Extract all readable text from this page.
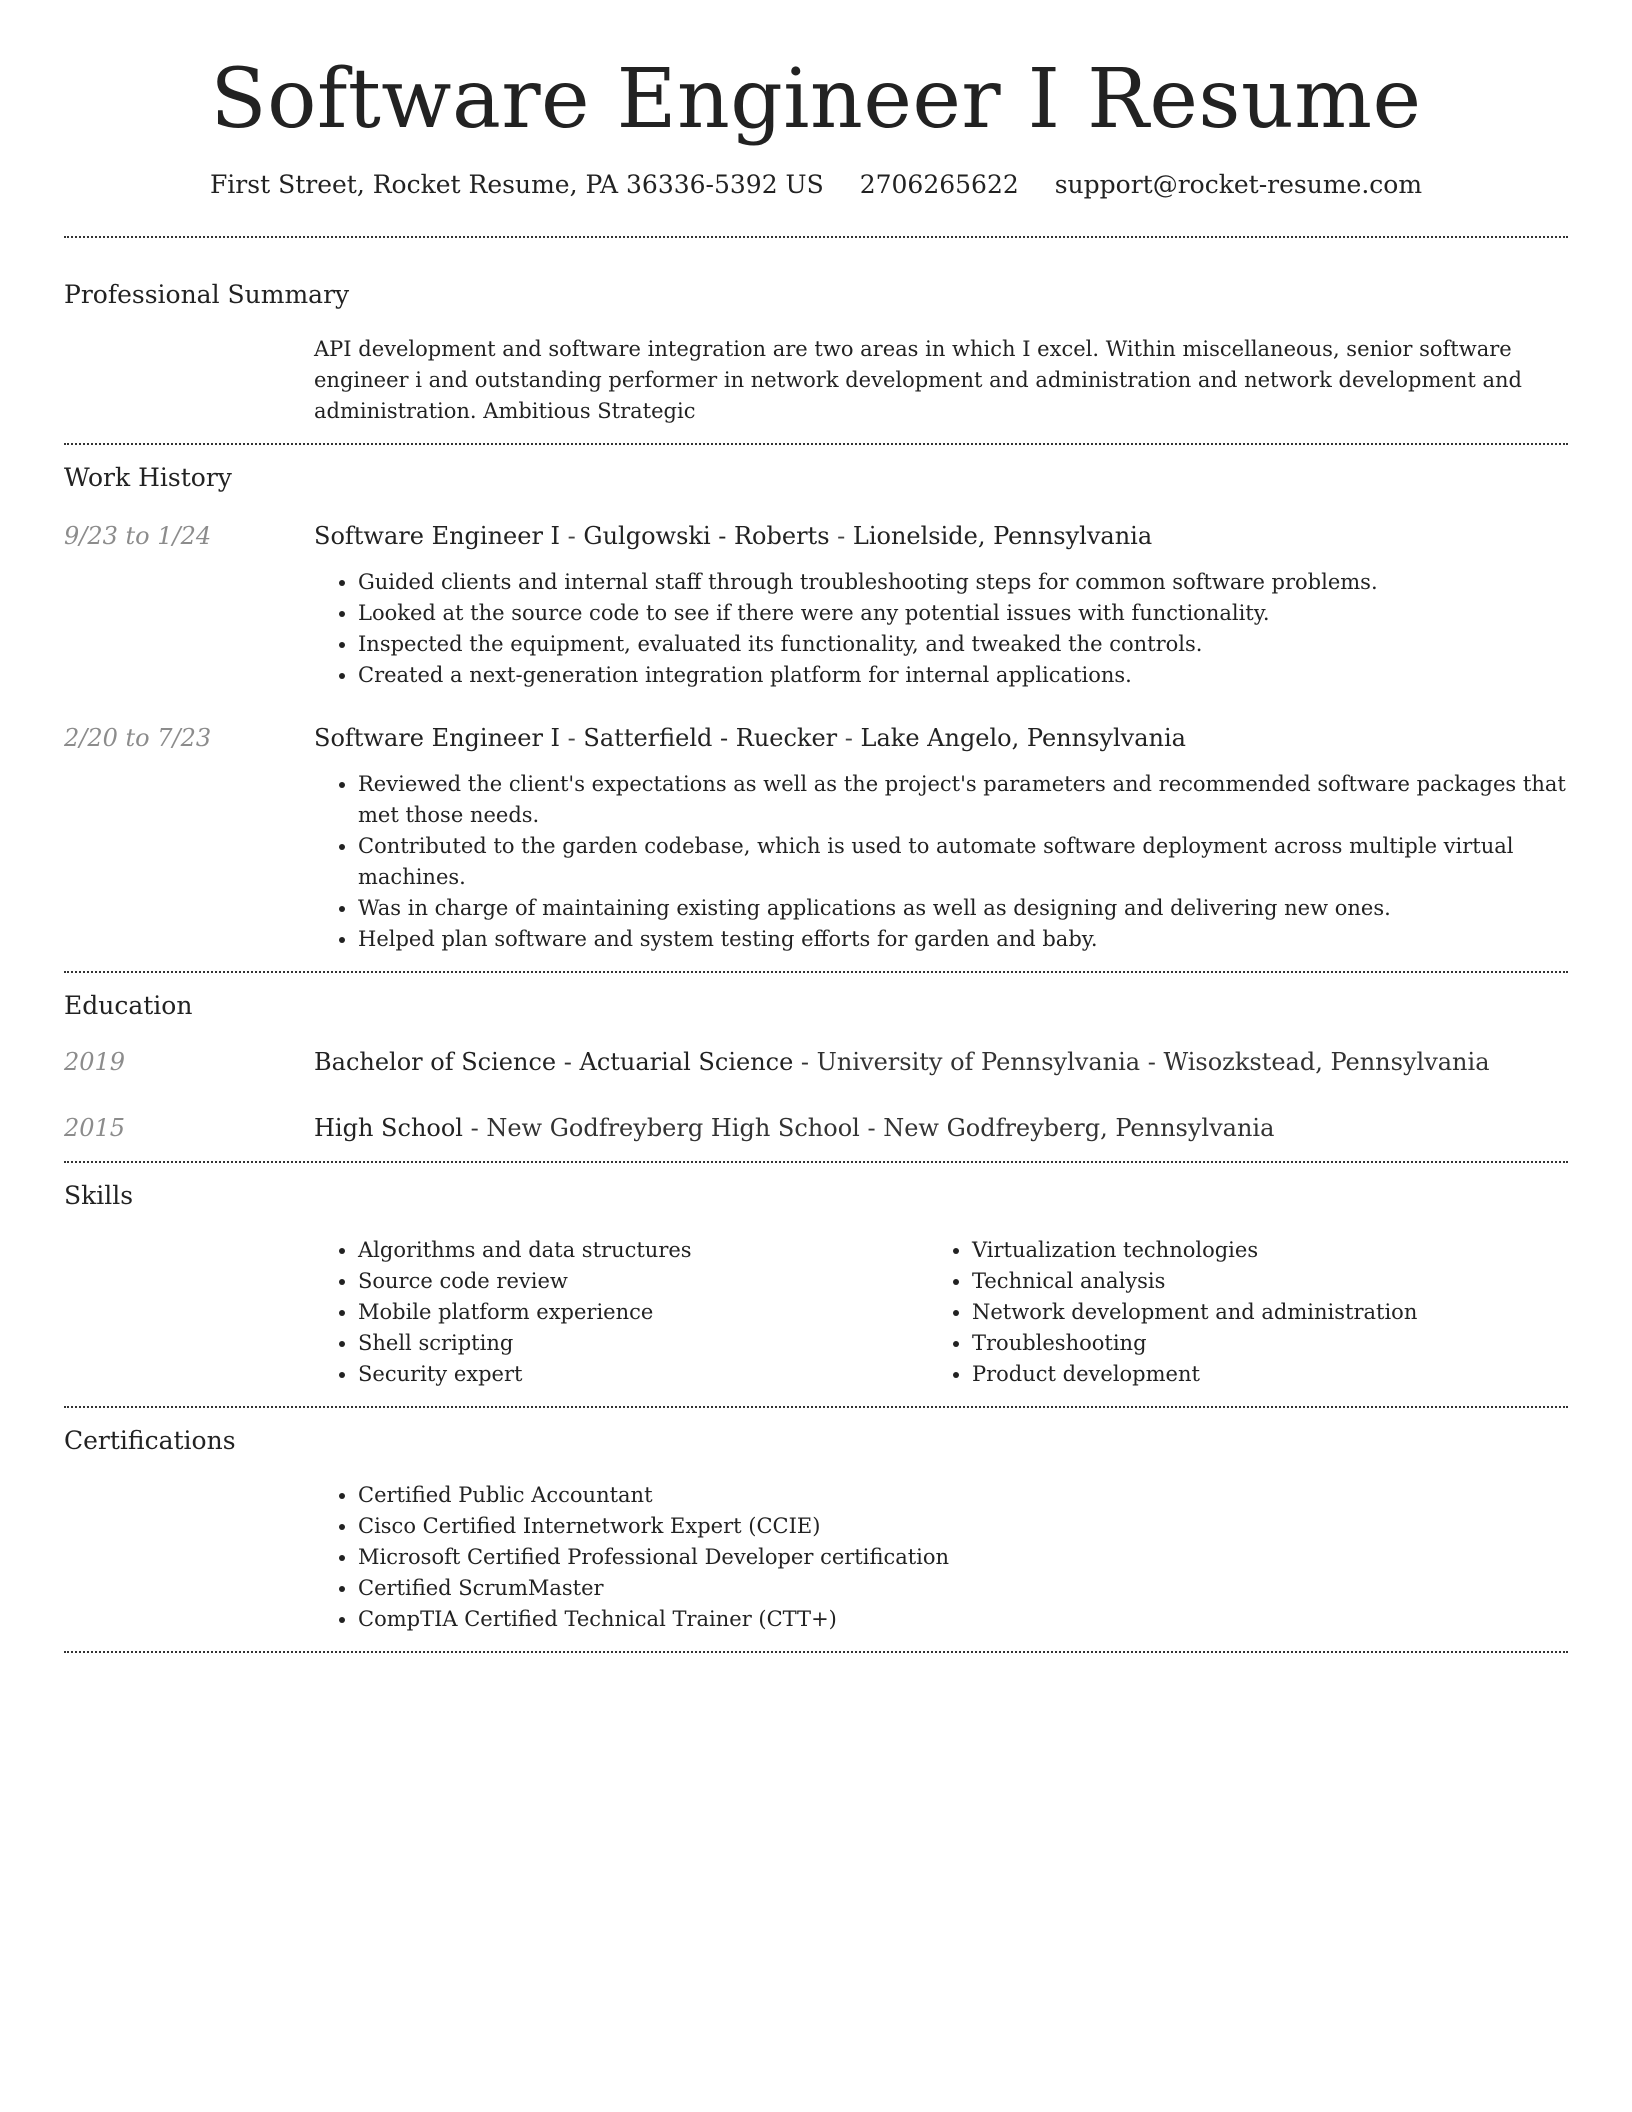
Software Engineer I Resume
First Street, Rocket Resume, PA 36336-5392 US 2706265622 support@rocket-resume.com
Professional Summary
API development and software integration are two areas in which I excel. Within miscellaneous, senior software engineer i and outstanding performer in network development and administration and network development and administration. Ambitious Strategic
Work History
9/23 to 1/24	Software Engineer I - Gulgowski - Roberts - Lionelside, Pennsylvania
• Guided clients and internal staff through troubleshooting steps for common software problems.
• Looked at the source code to see if there were any potential issues with functionality.
• Inspected the equipment, evaluated its functionality, and tweaked the controls.
• Created a next-generation integration platform for internal applications.
2/20 to 7/23	Software Engineer I - Satterfield - Ruecker - Lake Angelo, Pennsylvania
• Reviewed the client's expectations as well as the project's parameters and recommended software packages that met those needs.
• Contributed to the garden codebase, which is used to automate software deployment across multiple virtual machines.
• Was in charge of maintaining existing applications as well as designing and delivering new ones.
• Helped plan software and system testing efforts for garden and baby.
Education
2019	Bachelor of Science - Actuarial Science - University of Pennsylvania - Wisozkstead, Pennsylvania
2015	High School - New Godfreyberg High School - New Godfreyberg, Pennsylvania
Skills
• Algorithms and data structures
• Source code review
• Mobile platform experience
• Shell scripting
• Security expert
• Virtualization technologies
• Technical analysis
• Network development and administration
• Troubleshooting
• Product development
Certifications
• Certified Public Accountant
• Cisco Certified Internetwork Expert (CCIE)
• Microsoft Certified Professional Developer certification
• Certified ScrumMaster
• CompTIA Certified Technical Trainer (CTT+)
